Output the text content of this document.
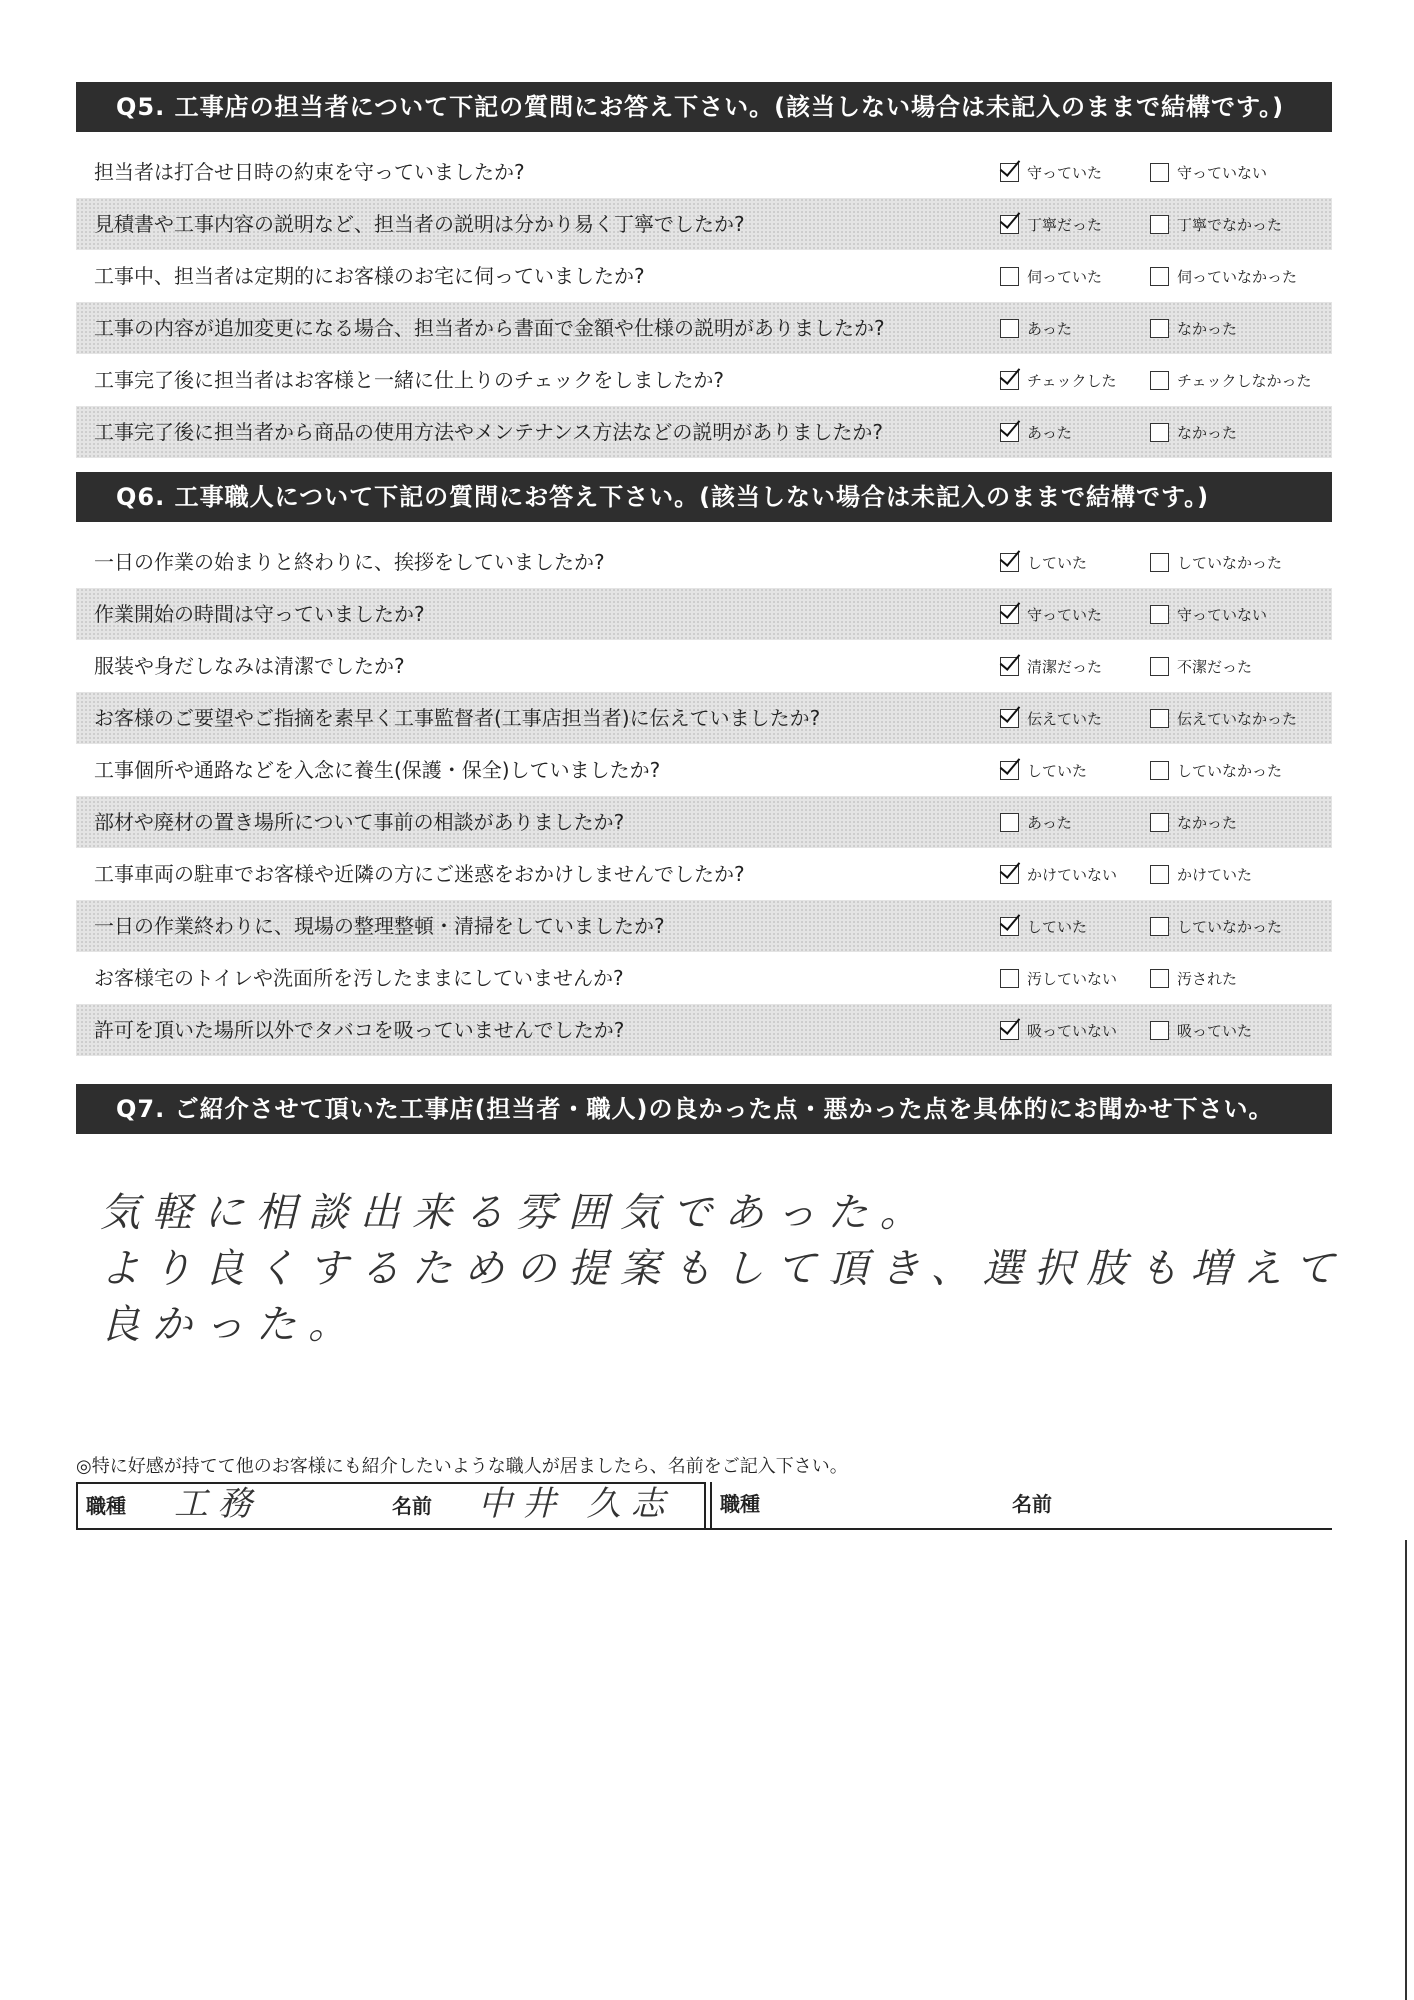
Q5. 工事店の担当者について下記の質問にお答え下さい。(該当しない場合は未記入のままで結構です。)
担当者は打合せ日時の約束を守っていましたか?	守っていた	守っていない
見積書や工事内容の説明など、担当者の説明は分かり易く丁寧でしたか?	丁寧だった	丁寧でなかった
工事中、担当者は定期的にお客様のお宅に伺っていましたか?	伺っていた	伺っていなかった
工事の内容が追加変更になる場合、担当者から書面で金額や仕様の説明がありましたか?	あった	なかった
工事完了後に担当者はお客様と一緒に仕上りのチェックをしましたか?	チェックした	チェックしなかった
工事完了後に担当者から商品の使用方法やメンテナンス方法などの説明がありましたか?	あった	なかった
Q6. 工事職人について下記の質問にお答え下さい。(該当しない場合は未記入のままで結構です。)
一日の作業の始まりと終わりに、挨拶をしていましたか?	していた	していなかった
作業開始の時間は守っていましたか?	守っていた	守っていない
服装や身だしなみは清潔でしたか?	清潔だった	不潔だった
お客様のご要望やご指摘を素早く工事監督者(工事店担当者)に伝えていましたか?	伝えていた	伝えていなかった
工事個所や通路などを入念に養生(保護・保全)していましたか?	していた	していなかった
部材や廃材の置き場所について事前の相談がありましたか?	あった	なかった
工事車両の駐車でお客様や近隣の方にご迷惑をおかけしませんでしたか?	かけていない	かけていた
一日の作業終わりに、現場の整理整頓・清掃をしていましたか?	していた	していなかった
お客様宅のトイレや洗面所を汚したままにしていませんか?	汚していない	汚された
許可を頂いた場所以外でタバコを吸っていませんでしたか?	吸っていない	吸っていた
Q7. ご紹介させて頂いた工事店(担当者・職人)の良かった点・悪かった点を具体的にお聞かせ下さい。
気軽に相談出来る雰囲気であった。
より良くするための提案もして頂き、選択肢も増えて
良かった。
◎特に好感が持てて他のお客様にも紹介したいような職人が居ましたら、名前をご記入下さい。
職種 工務	名前 中井 久志 職種	名前
